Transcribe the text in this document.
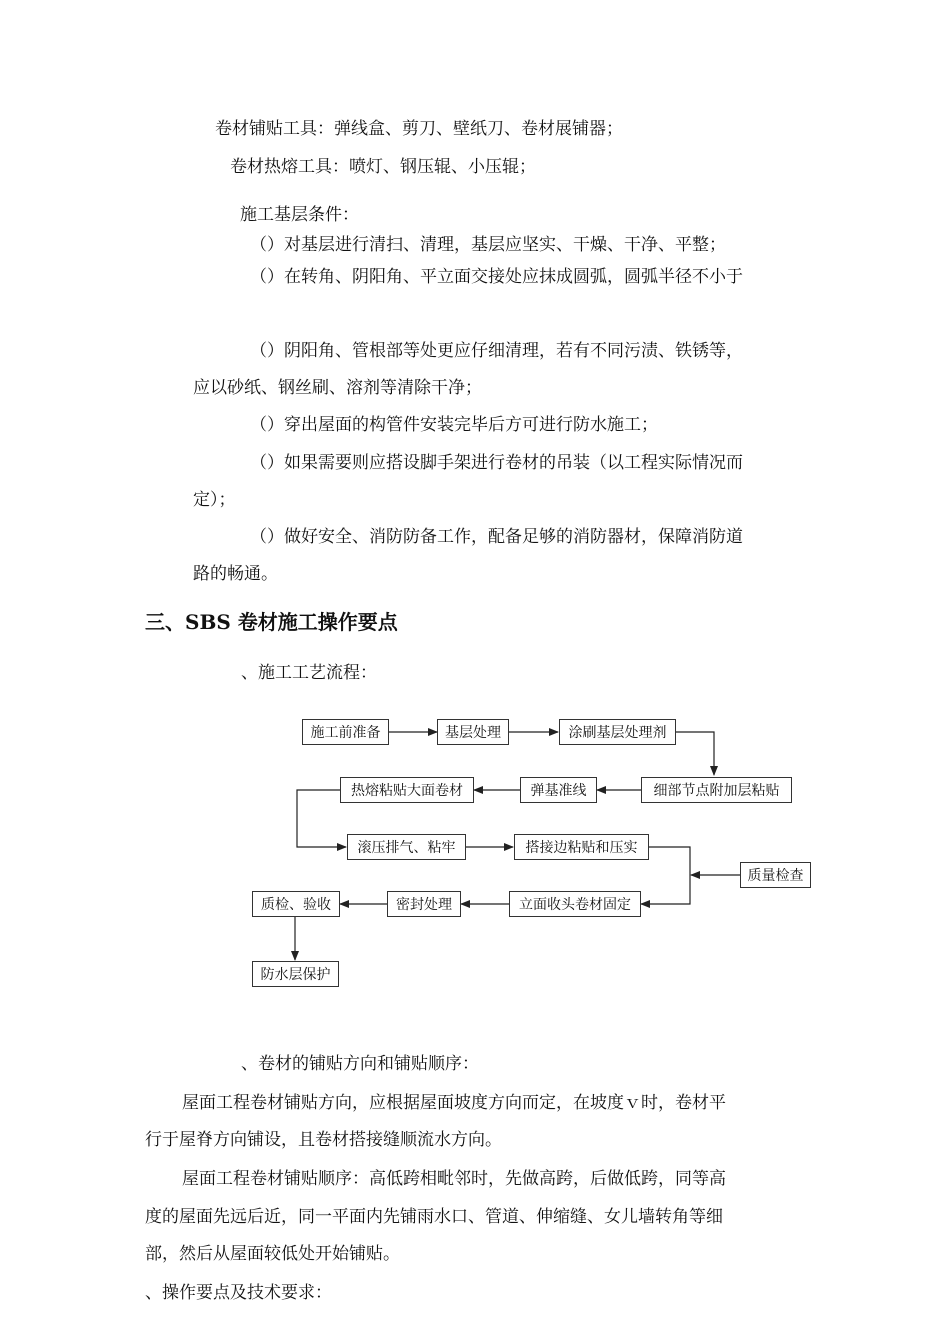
卷材铺贴工具：弹线盒、剪刀、壁纸刀、卷材展铺器；
卷材热熔工具：喷灯、钢压辊、小压辊；
施工基层条件：
（）对基层进行清扫、清理，基层应坚实、干燥、干净、平整；
（）在转角、阴阳角、平立面交接处应抹成圆弧，圆弧半径不小于
（）阴阳角、管根部等处更应仔细清理，若有不同污渍、铁锈等，
应以砂纸、钢丝刷、溶剂等清除干净；
（）穿出屋面的构管件安装完毕后方可进行防水施工；
（）如果需要则应搭设脚手架进行卷材的吊装（以工程实际情况而
定）；
（）做好安全、消防防备工作，配备足够的消防器材，保障消防道
路的畅通。
三、SBS 卷材施工操作要点
、施工工艺流程：
施工前准备	基层处理	涂刷基层处理剂
细部节点附加层粘贴
弹基准线
热熔粘贴大面卷材
滚压排气、粘牢	搭接边粘贴和压实
质量检查
立面收头卷材固定
密封处理
质检、验收
防水层保护
、卷材的铺贴方向和铺贴顺序：
屋面工程卷材铺贴方向，应根据屋面坡度方向而定，在坡度ｖ时，卷材平
行于屋脊方向铺设，且卷材搭接缝顺流水方向。
屋面工程卷材铺贴顺序：高低跨相毗邻时，先做高跨，后做低跨，同等高
度的屋面先远后近，同一平面内先铺雨水口、管道、伸缩缝、女儿墙转角等细
部，然后从屋面较低处开始铺贴。
、操作要点及技术要求：
